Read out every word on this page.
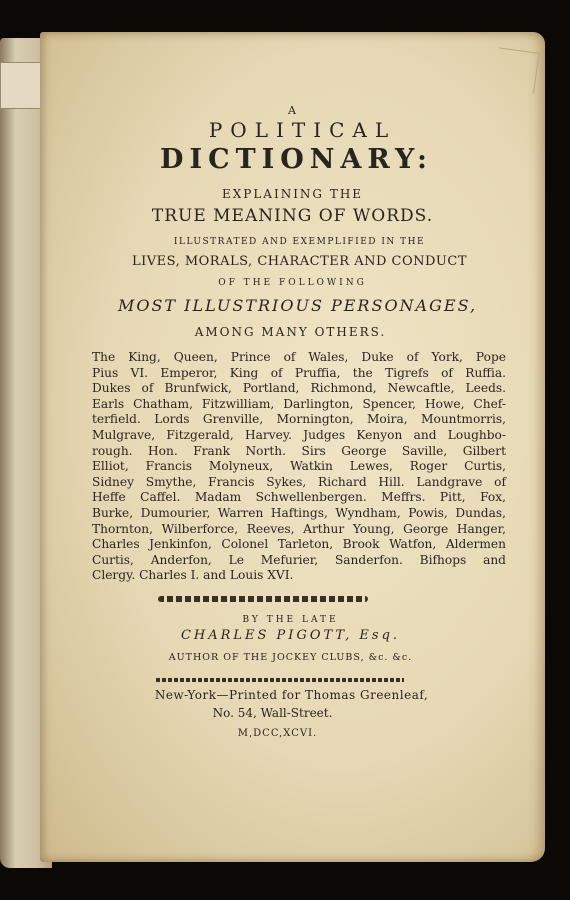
A
POLITICAL
DICTIONARY:
EXPLAINING THE
TRUE MEANING OF WORDS.
ILLUSTRATED AND EXEMPLIFIED IN THE
LIVES, MORALS, CHARACTER AND CONDUCT
OF THE FOLLOWING
MOST ILLUSTRIOUS PERSONAGES,
AMONG MANY OTHERS.
The King, Queen, Prince of Wales, Duke of York, Pope
Pius VI. Emperor, King of Pruffia, the Tigrefs of Ruffia.
Dukes of Brunfwick, Portland, Richmond, Newcaftle, Leeds.
Earls Chatham, Fitzwilliam, Darlington, Spencer, Howe, Chef-
terfield. Lords Grenville, Mornington, Moira, Mountmorris,
Mulgrave, Fitzgerald, Harvey. Judges Kenyon and Loughbo-
rough. Hon. Frank North. Sirs George Saville, Gilbert
Elliot, Francis Molyneux, Watkin Lewes, Roger Curtis,
Sidney Smythe, Francis Sykes, Richard Hill. Landgrave of
Heffe Caffel. Madam Schwellenbergen. Meffrs. Pitt, Fox,
Burke, Dumourier, Warren Haftings, Wyndham, Powis, Dundas,
Thornton, Wilberforce, Reeves, Arthur Young, George Hanger,
Charles Jenkinfon, Colonel Tarleton, Brook Watfon, Aldermen
Curtis, Anderfon, Le Mefurier, Sanderfon. Bifhops and
Clergy. Charles I. and Louis XVI.
BY THE LATE
CHARLES PIGOTT, Esq.
AUTHOR OF THE JOCKEY CLUBS, &c. &c.
New-York—Printed for Thomas Greenleaf,
No. 54, Wall-Street.
M,DCC,XCVI.
